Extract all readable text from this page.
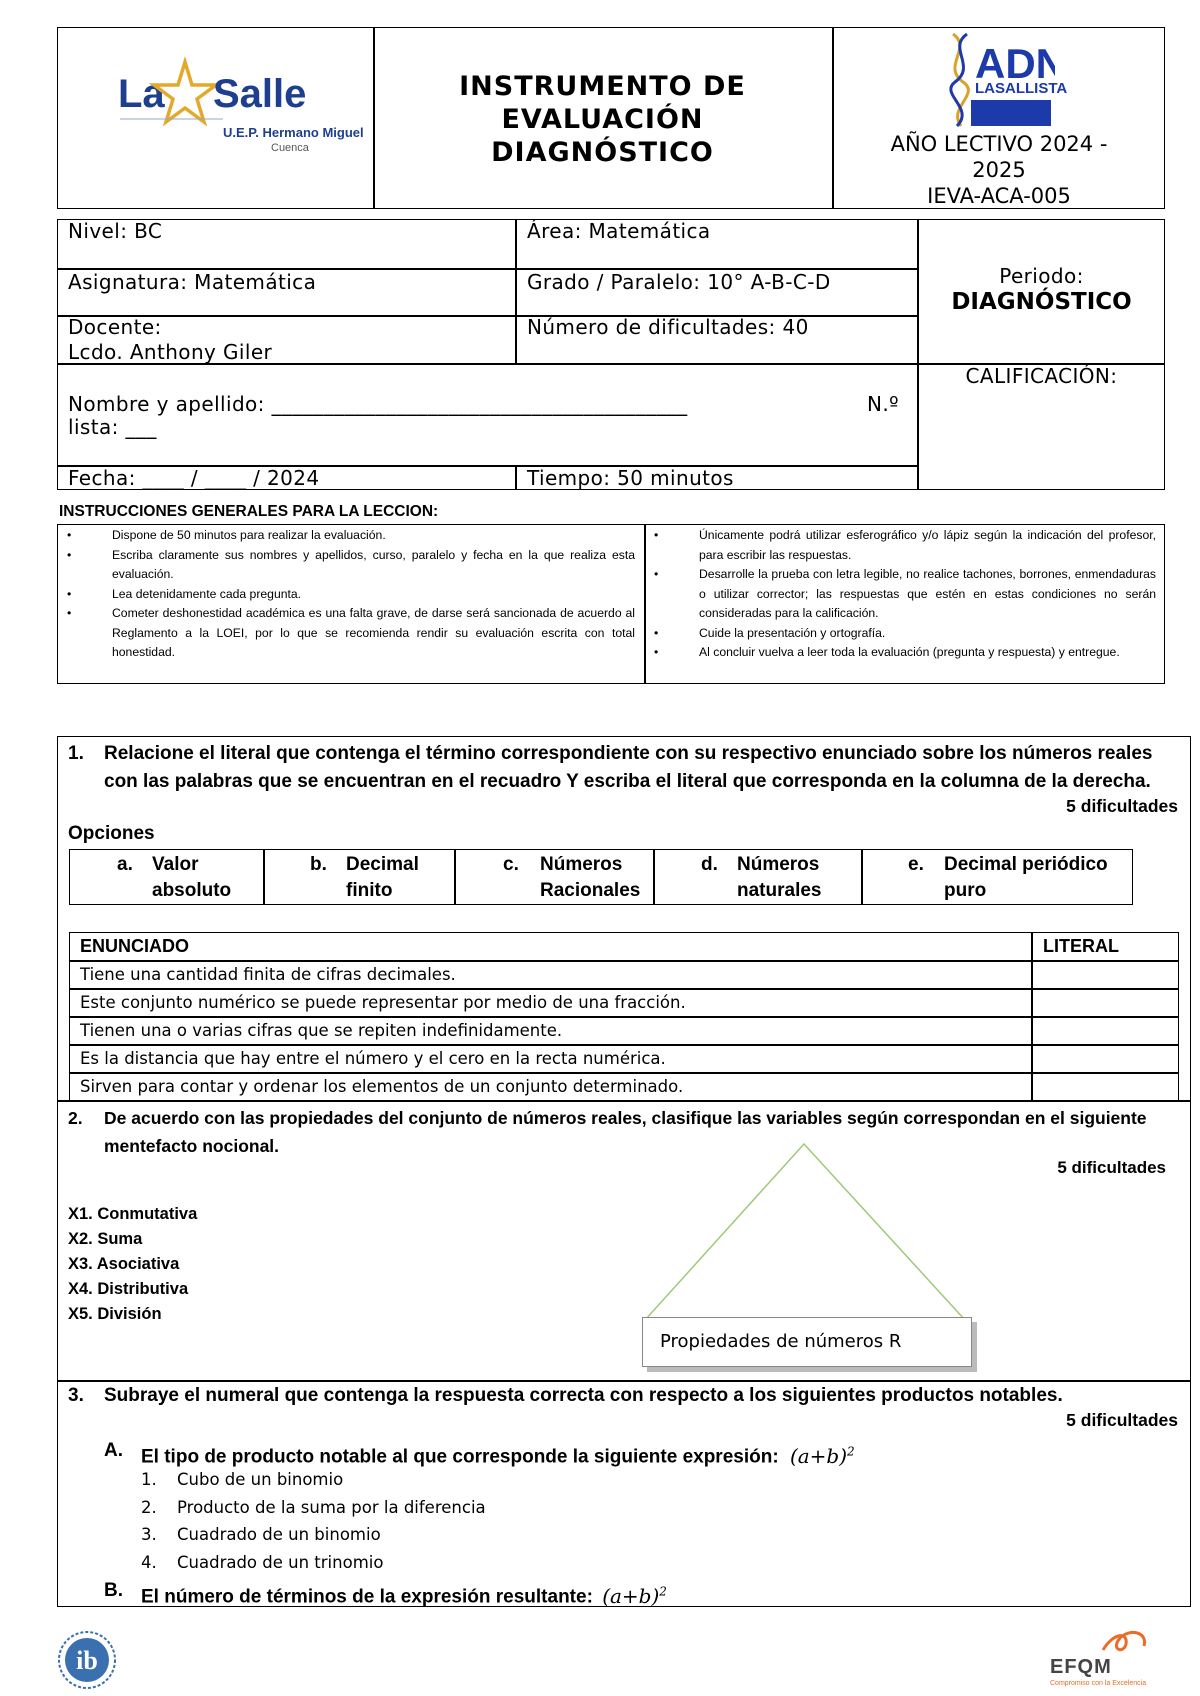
La Salle
U.E.P. Hermano Miguel
Cuenca
INSTRUMENTO DE
EVALUACIÓN
DIAGNÓSTICO
ADN
LASALLISTA
AÑO LECTIVO 2024 -
2025
IEVA-ACA-005
Nivel: BC	Área: Matemática
Asignatura: Matemática	Grado / Paralelo: 10° A-B-C-D
Docente:
Lcdo. Anthony Giler
Número de dificultades: 40
Periodo:
DIAGNÓSTICO
CALIFICACIÓN:
Nombre y apellido: ________________________________________	N.º
lista: ___
Fecha: ____ / ____ / 2024	Tiempo: 50 minutos
INSTRUCCIONES GENERALES PARA LA LECCION:
• Dispone de 50 minutos para realizar la evaluación.
• Escriba claramente sus nombres y apellidos, curso, paralelo y fecha en la que realiza esta evaluación.
• Lea detenidamente cada pregunta.
• Cometer deshonestidad académica es una falta grave, de darse será sancionada de acuerdo al Reglamento a la LOEI, por lo que se recomienda rendir su evaluación escrita con total honestidad.
• Únicamente podrá utilizar esferográfico y/o lápiz según la indicación del profesor, para escribir las respuestas.
• Desarrolle la prueba con letra legible, no realice tachones, borrones, enmendaduras o utilizar corrector; las respuestas que estén en estas condiciones no serán consideradas para la calificación.
• Cuide la presentación y ortografía.
• Al concluir vuelva a leer toda la evaluación (pregunta y respuesta) y entregue.
1. Relacione el literal que contenga el término correspondiente con su respectivo enunciado sobre los números reales con las palabras que se encuentran en el recuadro Y escriba el literal que corresponda en la columna de la derecha.
5 dificultades
Opciones
a. Valor
absoluto
b. Decimal
finito
c. Números
Racionales
d. Números
naturales
e. Decimal periódico
puro
ENUNCIADO	LITERAL
Tiene una cantidad finita de cifras decimales.
Este conjunto numérico se puede representar por medio de una fracción.
Tienen una o varias cifras que se repiten indefinidamente.
Es la distancia que hay entre el número y el cero en la recta numérica.
Sirven para contar y ordenar los elementos de un conjunto determinado.
2. De acuerdo con las propiedades del conjunto de números reales, clasifique las variables según correspondan en el siguiente mentefacto nocional.
5 dificultades
X1. Conmutativa
X2. Suma
X3. Asociativa
X4. Distributiva
X5. División
Propiedades de números R
3. Subraye el numeral que contenga la respuesta correcta con respecto a los siguientes productos notables.
5 dificultades
A. El tipo de producto notable al que corresponde la siguiente expresión: $(a+b)^2$
1. Cubo de un binomio
2. Producto de la suma por la diferencia
3. Cuadrado de un binomio
4. Cuadrado de un trinomio
B. El número de términos de la expresión resultante: $(a+b)^2$
ib	EFQM
Compromiso con la Excelencia
